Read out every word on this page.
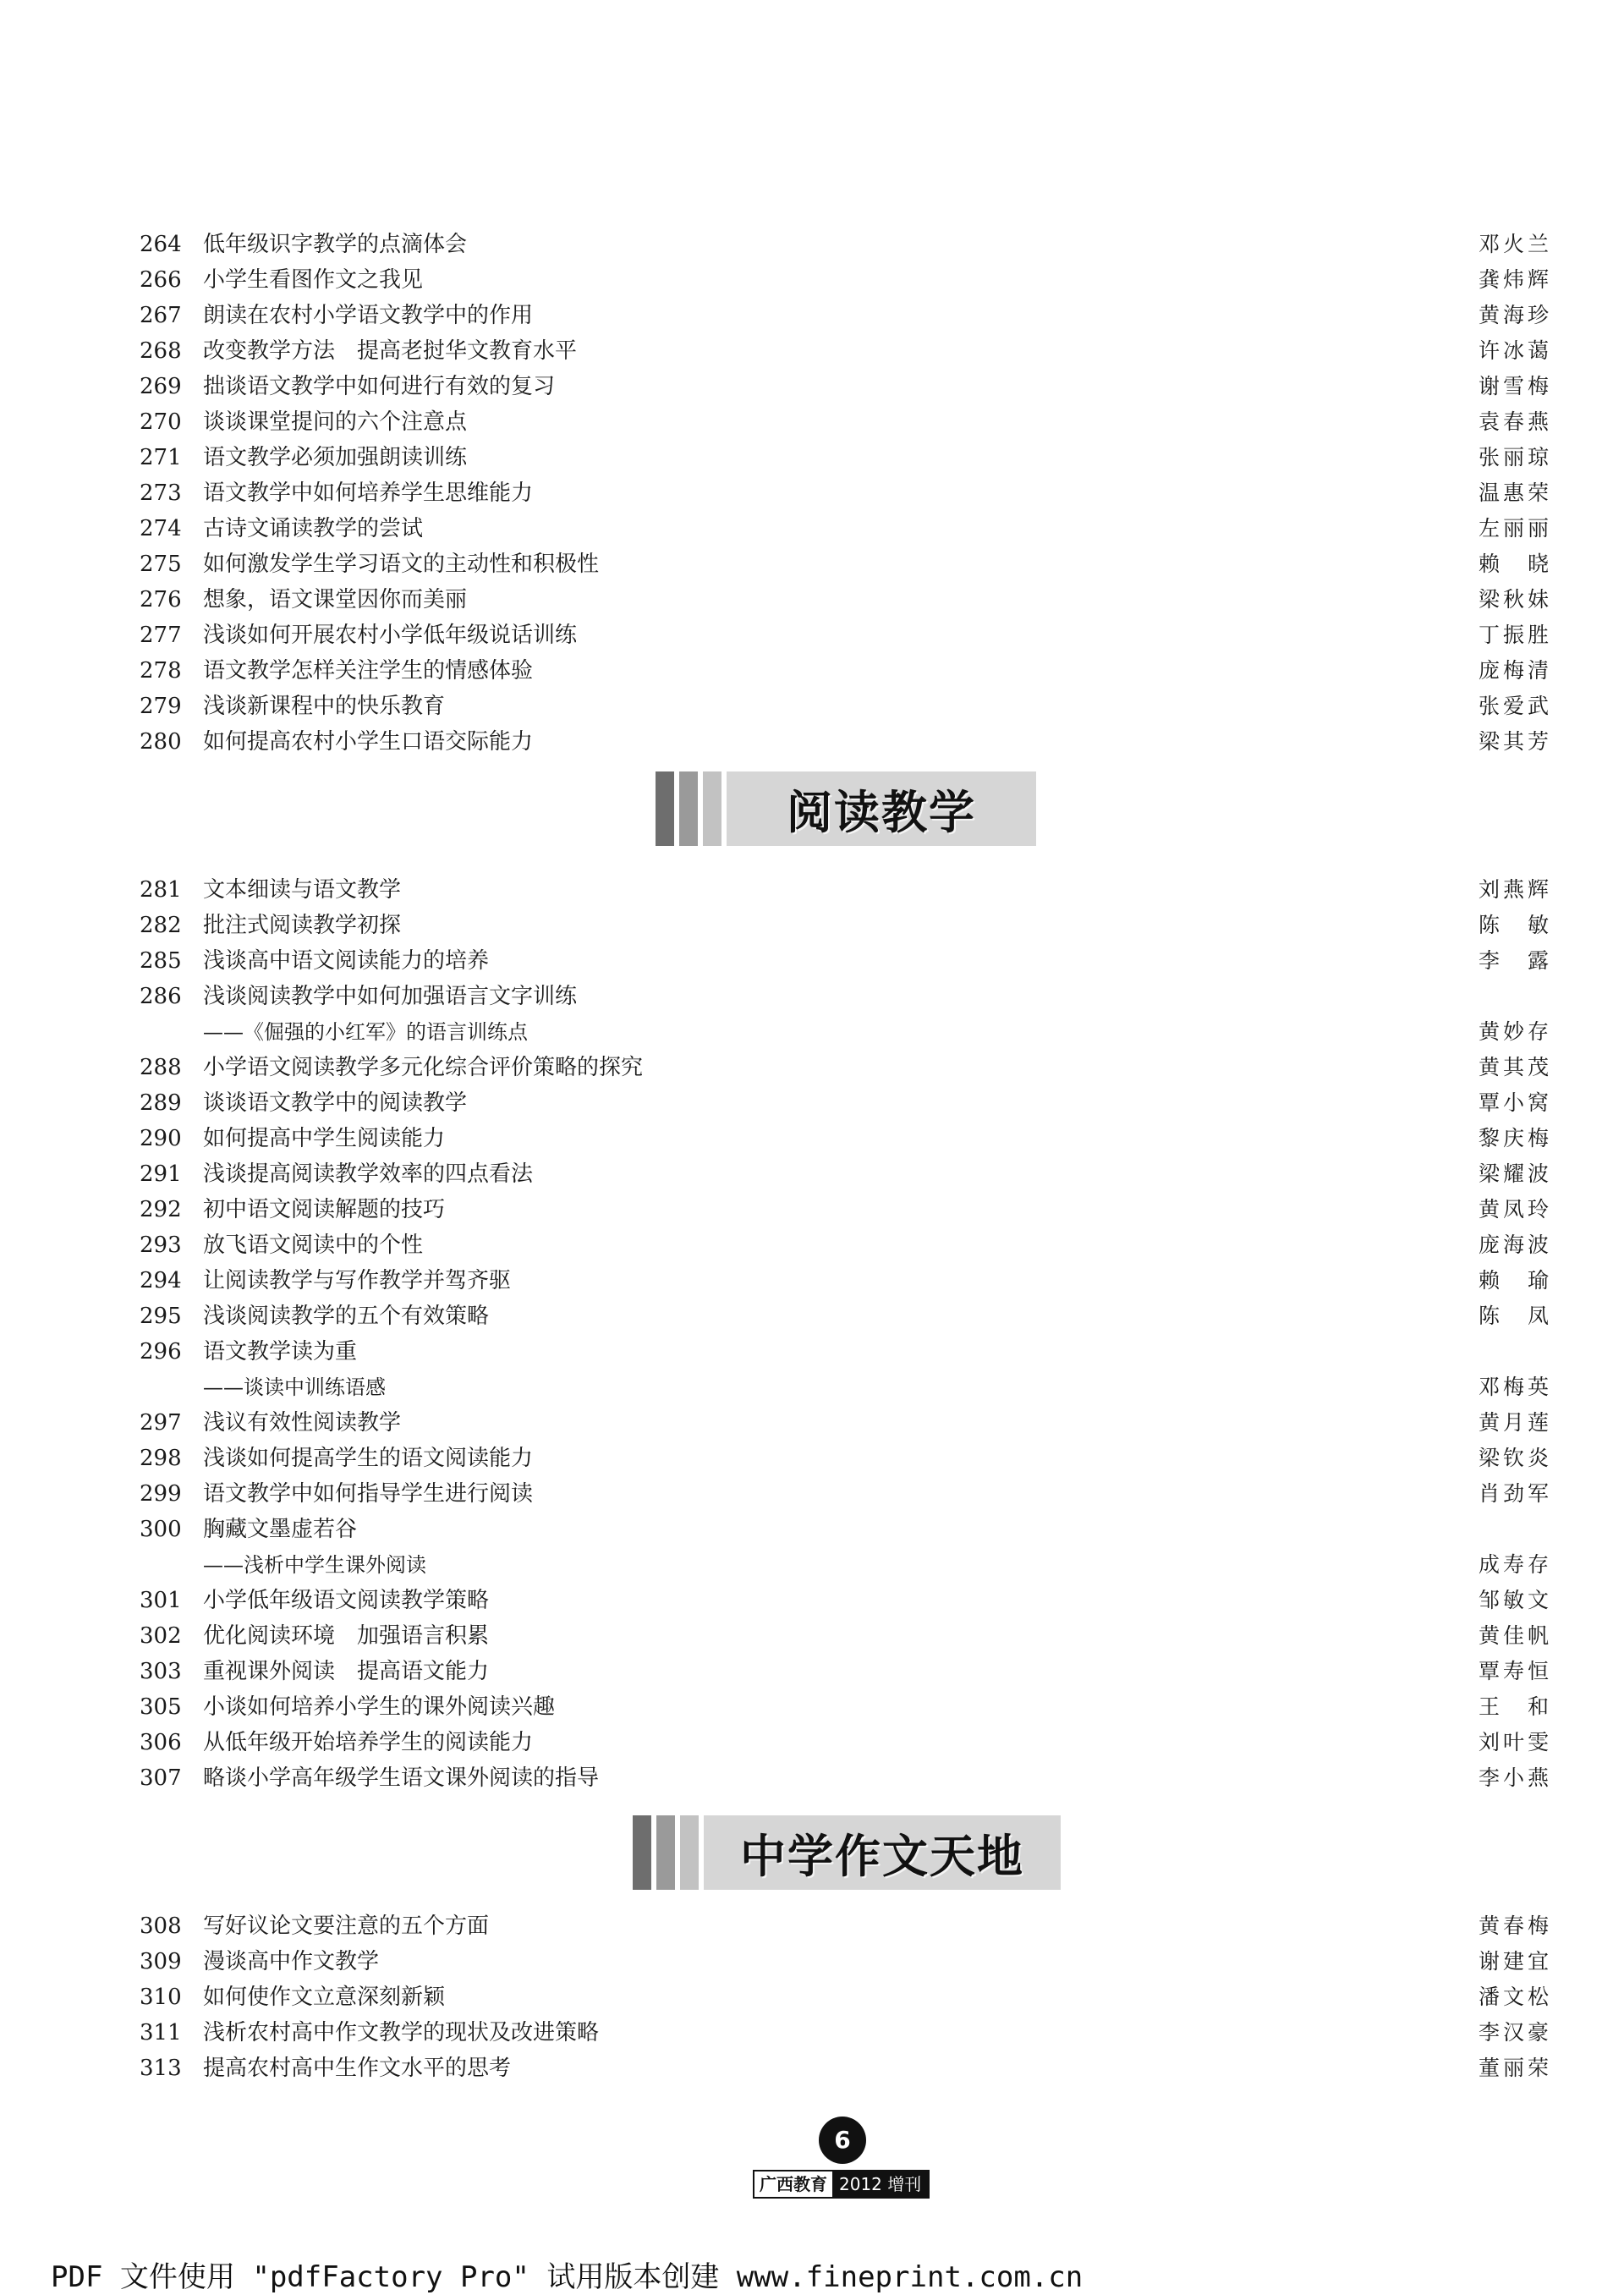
264 低年级识字教学的点滴体会	邓火兰
266 小学生看图作文之我见	龚炜辉
267 朗读在农村小学语文教学中的作用	黄海珍
268 改变教学方法　提高老挝华文教育水平	许冰蔼
269 拙谈语文教学中如何进行有效的复习	谢雪梅
270 谈谈课堂提问的六个注意点	袁春燕
271 语文教学必须加强朗读训练	张丽琼
273 语文教学中如何培养学生思维能力	温惠荣
274 古诗文诵读教学的尝试	左丽丽
275 如何激发学生学习语文的主动性和积极性	赖　晓
276 想象，语文课堂因你而美丽	梁秋妹
277 浅谈如何开展农村小学低年级说话训练	丁振胜
278 语文教学怎样关注学生的情感体验	庞梅清
279 浅谈新课程中的快乐教育	张爱武
280 如何提高农村小学生口语交际能力	梁其芳
阅读教学
281 文本细读与语文教学	刘燕辉
282 批注式阅读教学初探	陈　敏
285 浅谈高中语文阅读能力的培养	李　露
286 浅谈阅读教学中如何加强语言文字训练
——《倔强的小红军》的语言训练点	黄妙存
288 小学语文阅读教学多元化综合评价策略的探究	黄其茂
289 谈谈语文教学中的阅读教学	覃小窝
290 如何提高中学生阅读能力	黎庆梅
291 浅谈提高阅读教学效率的四点看法	梁耀波
292 初中语文阅读解题的技巧	黄凤玲
293 放飞语文阅读中的个性	庞海波
294 让阅读教学与写作教学并驾齐驱	赖　瑜
295 浅谈阅读教学的五个有效策略	陈　凤
296 语文教学读为重
——谈读中训练语感	邓梅英
297 浅议有效性阅读教学	黄月莲
298 浅谈如何提高学生的语文阅读能力	梁钦炎
299 语文教学中如何指导学生进行阅读	肖劲军
300 胸藏文墨虚若谷
——浅析中学生课外阅读	成寿存
301 小学低年级语文阅读教学策略	邹敏文
302 优化阅读环境　加强语言积累	黄佳帆
303 重视课外阅读　提高语文能力	覃寿恒
305 小谈如何培养小学生的课外阅读兴趣	王　和
306 从低年级开始培养学生的阅读能力	刘叶雯
307 略谈小学高年级学生语文课外阅读的指导	李小燕
中学作文天地
308 写好议论文要注意的五个方面	黄春梅
309 漫谈高中作文教学	谢建宜
310 如何使作文立意深刻新颖	潘文松
311 浅析农村高中作文教学的现状及改进策略	李汉豪
313 提高农村高中生作文水平的思考	董丽荣
6
广西教育 2012 增刊
PDF 文件使用 "pdfFactory Pro" 试用版本创建 www.fineprint.com.cn
